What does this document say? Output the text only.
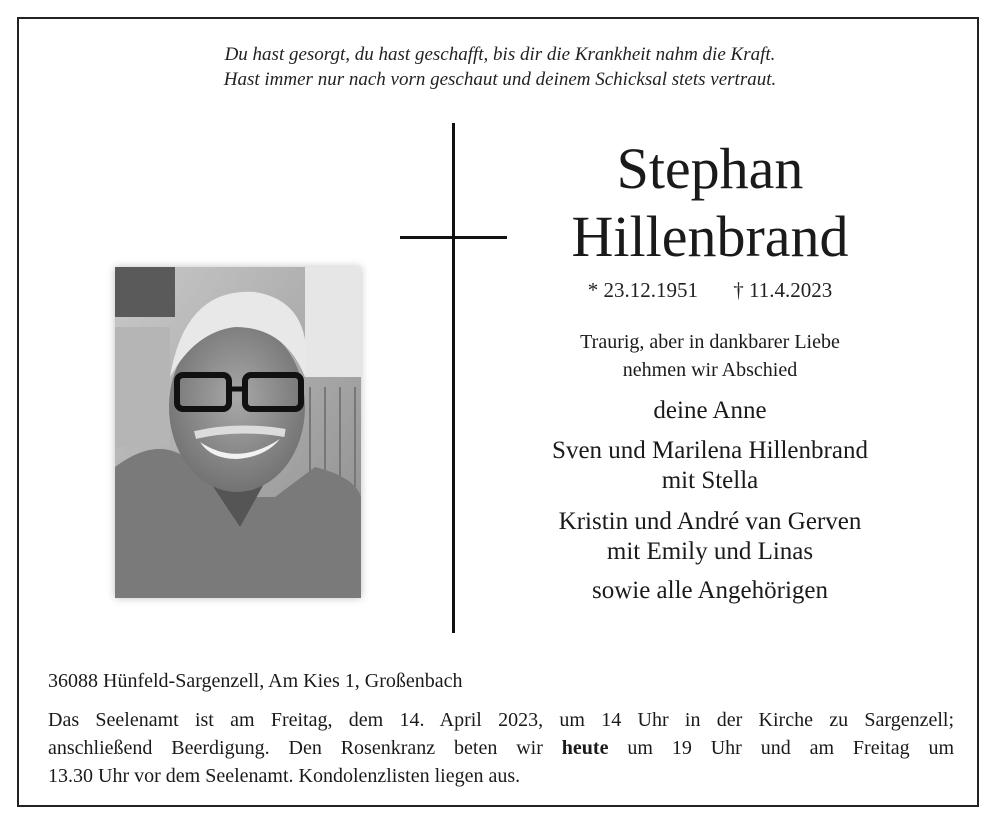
Du hast gesorgt, du hast geschafft, bis dir die Krankheit nahm die Kraft.
Hast immer nur nach vorn geschaut und deinem Schicksal stets vertraut.
Stephan
Hillenbrand
* 23.12.1951 † 11.4.2023
Traurig, aber in dankbarer Liebe
nehmen wir Abschied
deine Anne
Sven und Marilena Hillenbrand
mit Stella
Kristin und André van Gerven
mit Emily und Linas
sowie alle Angehörigen
36088 Hünfeld-Sargenzell, Am Kies 1, Großenbach
Das Seelenamt ist am Freitag, dem 14. April 2023, um 14 Uhr in der Kirche zu Sargenzell;
anschließend Beerdigung. Den Rosenkranz beten wir heute um 19 Uhr und am Freitag um
13.30 Uhr vor dem Seelenamt. Kondolenzlisten liegen aus.
